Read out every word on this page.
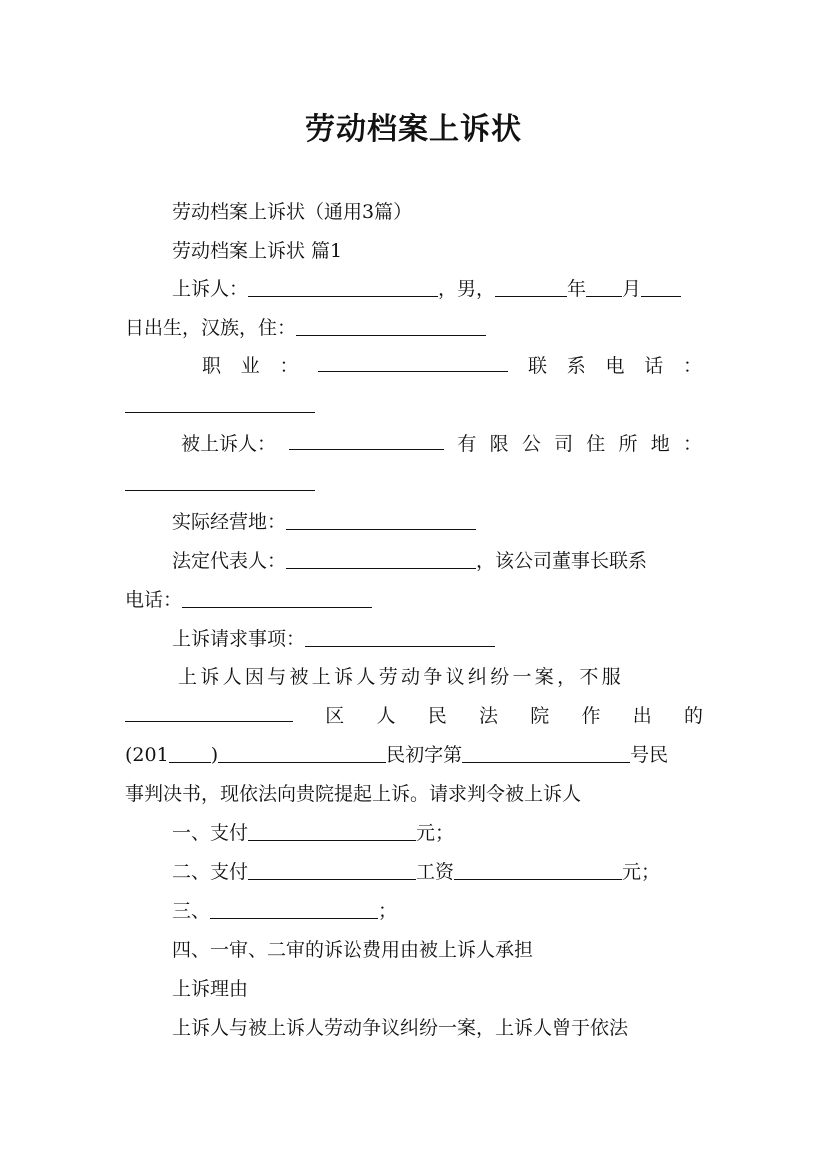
劳动档案上诉状
劳动档案上诉状（通用3篇）
劳动档案上诉状 篇1
上诉人：	，男，	年 月
日出生，汉族，住：
职 业 ：	联 系 电 话 ：
被上诉人：	有 限 公 司 住 所 地 ：
实际经营地：
法定代表人：	，该公司董事长联系
电话：
上诉请求事项：
上诉人因与被上诉人劳动争议纠纷一案，不服
区 人 民 法 院 作 出 的
(201 )	民初字第	号民
事判决书，现依法向贵院提起上诉。请求判令被上诉人
一、支付	元；
二、支付	工资	元；
三、	；
四、一审、二审的诉讼费用由被上诉人承担
上诉理由
上诉人与被上诉人劳动争议纠纷一案，上诉人曾于依法
